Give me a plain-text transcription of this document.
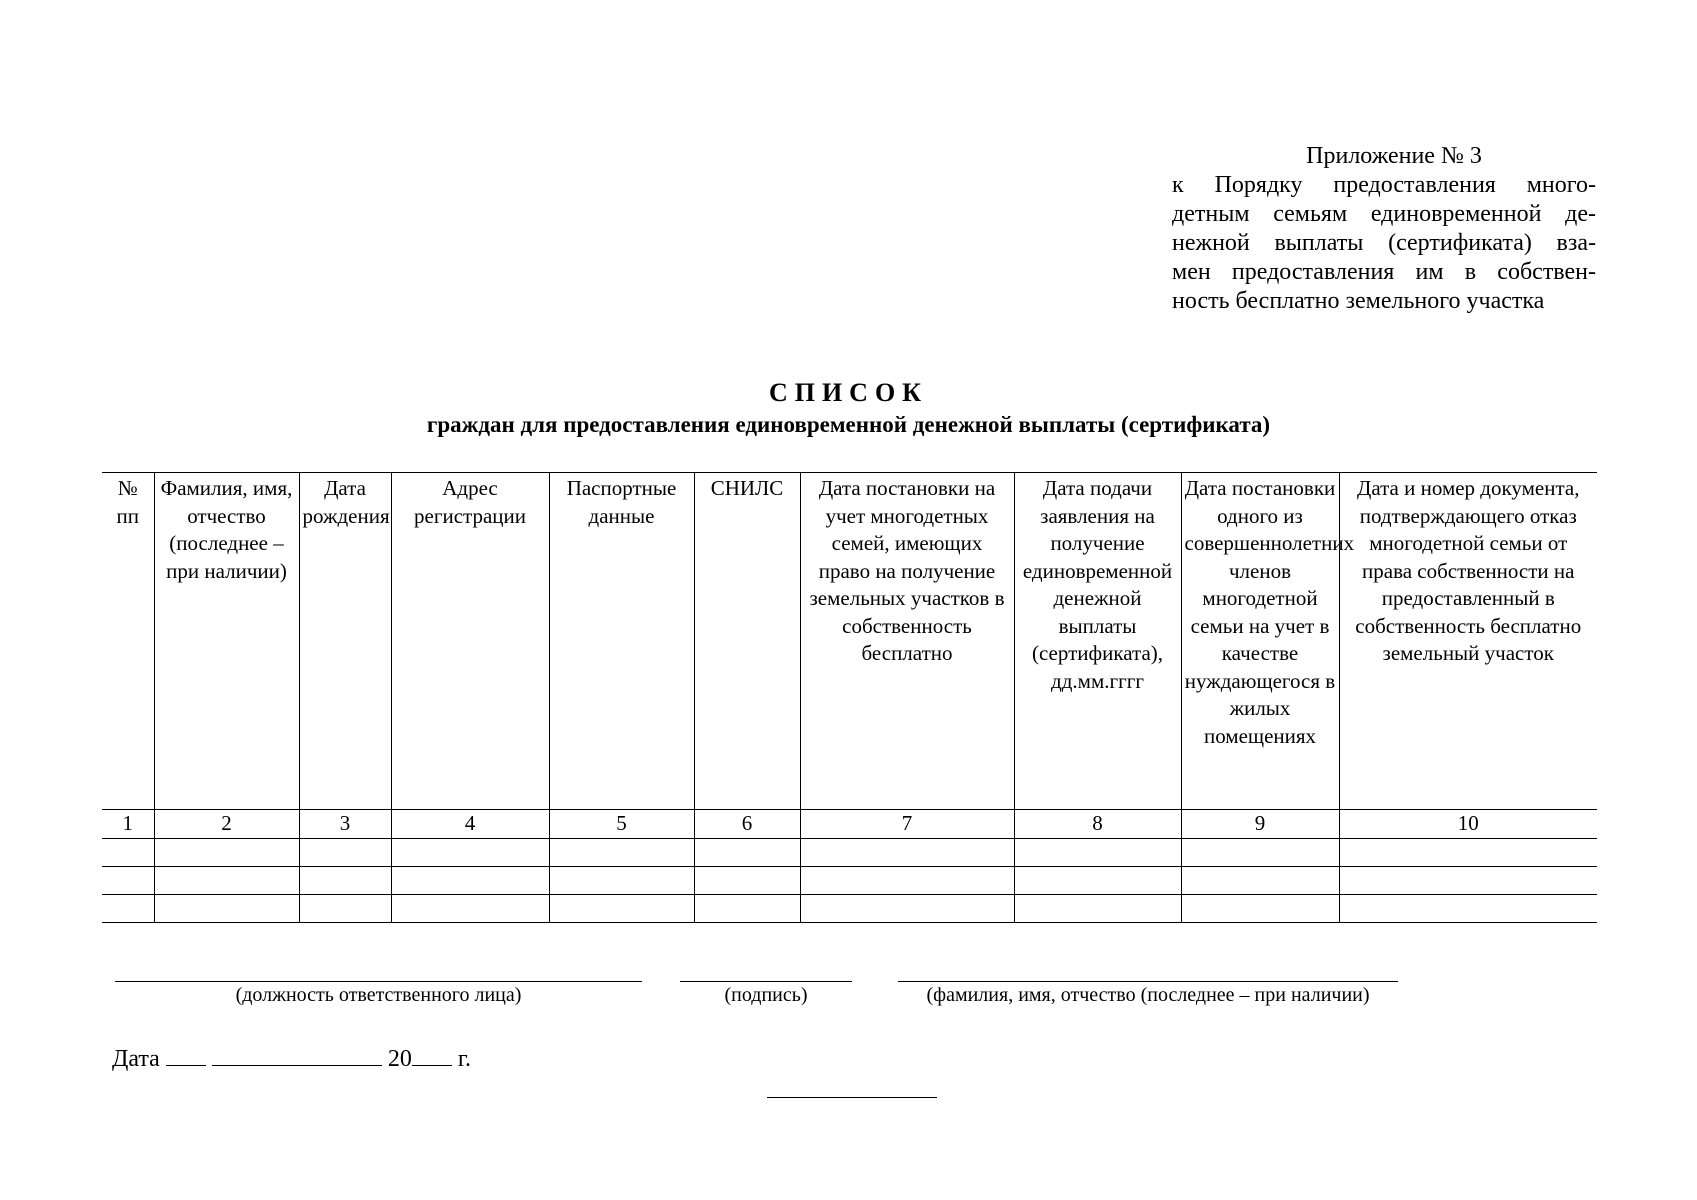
Приложение № 3
к Порядку предоставления много-
детным семьям единовременной де-
нежной выплаты (сертификата) вза-
мен предоставления им в собствен-
ность бесплатно земельного участка
СПИСОК
граждан для предоставления единовременной денежной выплаты (сертификата)
№ пп	Фамилия, имя, отчество (последнее – при наличии)	Дата рождения	Адрес регистрации	Паспортные данные	СНИЛС	Дата постановки на учет многодетных семей, имеющих право на получение земельных участков в собственность бесплатно	Дата подачи заявления на получение единовременной денежной выплаты (сертификата), дд.мм.гггг	Дата постановки одного из совершеннолетних членов многодетной семьи на учет в качестве нуждающегося в жилых помещениях	Дата и номер документа, подтверждающего отказ многодетной семьи от права собственности на предоставленный в собственность бесплатно земельный участок
1	2	3	4	5	6	7	8	9	10

(должность ответственного лица)	(подпись)	(фамилия, имя, отчество (последнее – при наличии)
Дата	20 г.
